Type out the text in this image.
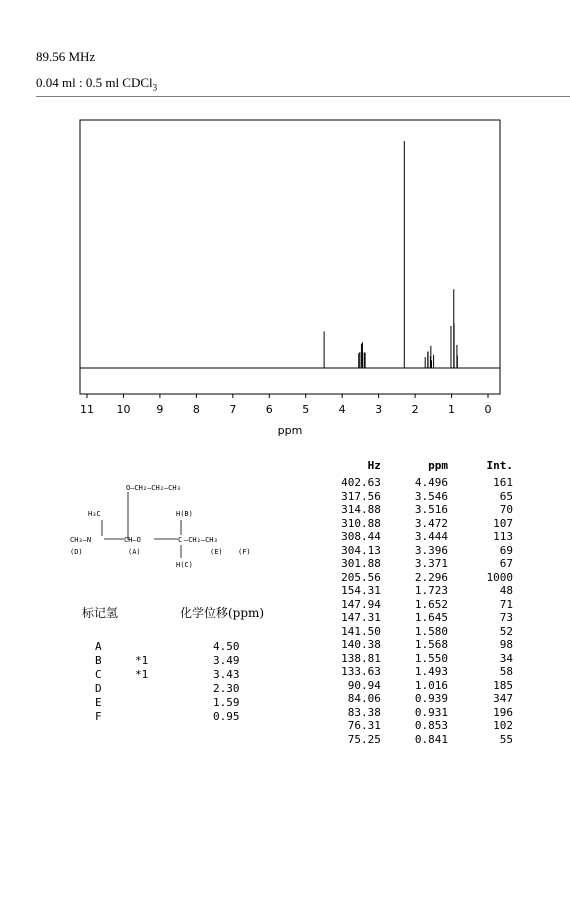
89.56 MHz
0.04 ml : 0.5 ml CDCl$_3$
11 10 9	8	7	6	5	4	3	2	1	0
ppm
Hz	ppm	Int.
402.63	4.496	161
317.56	3.546	65
314.88	3.516	70
310.88	3.472	107
308.44	3.444	113
304.13	3.396	69
301.88	3.371	67
205.56	2.296	1000
154.31	1.723	48
147.94	1.652	71
147.31	1.645	73
141.50	1.580	52
140.38	1.568	98
138.81	1.550	34
133.63	1.493	58
90.94	1.016	185
84.06	0.939	347
83.38	0.931	196
76.31	0.853	102
75.25	0.841	55
O—CH₂—CH₂—CH₃
H₃C
CH₃—N	CH—O	C
H(B)
H(C)
—CH₂—CH₃
(D)	(A)	(E) (F)
标记氢	化学位移(ppm)
A		4.50
B	*1	3.49
C	*1	3.43
D		2.30
E		1.59
F		0.95
